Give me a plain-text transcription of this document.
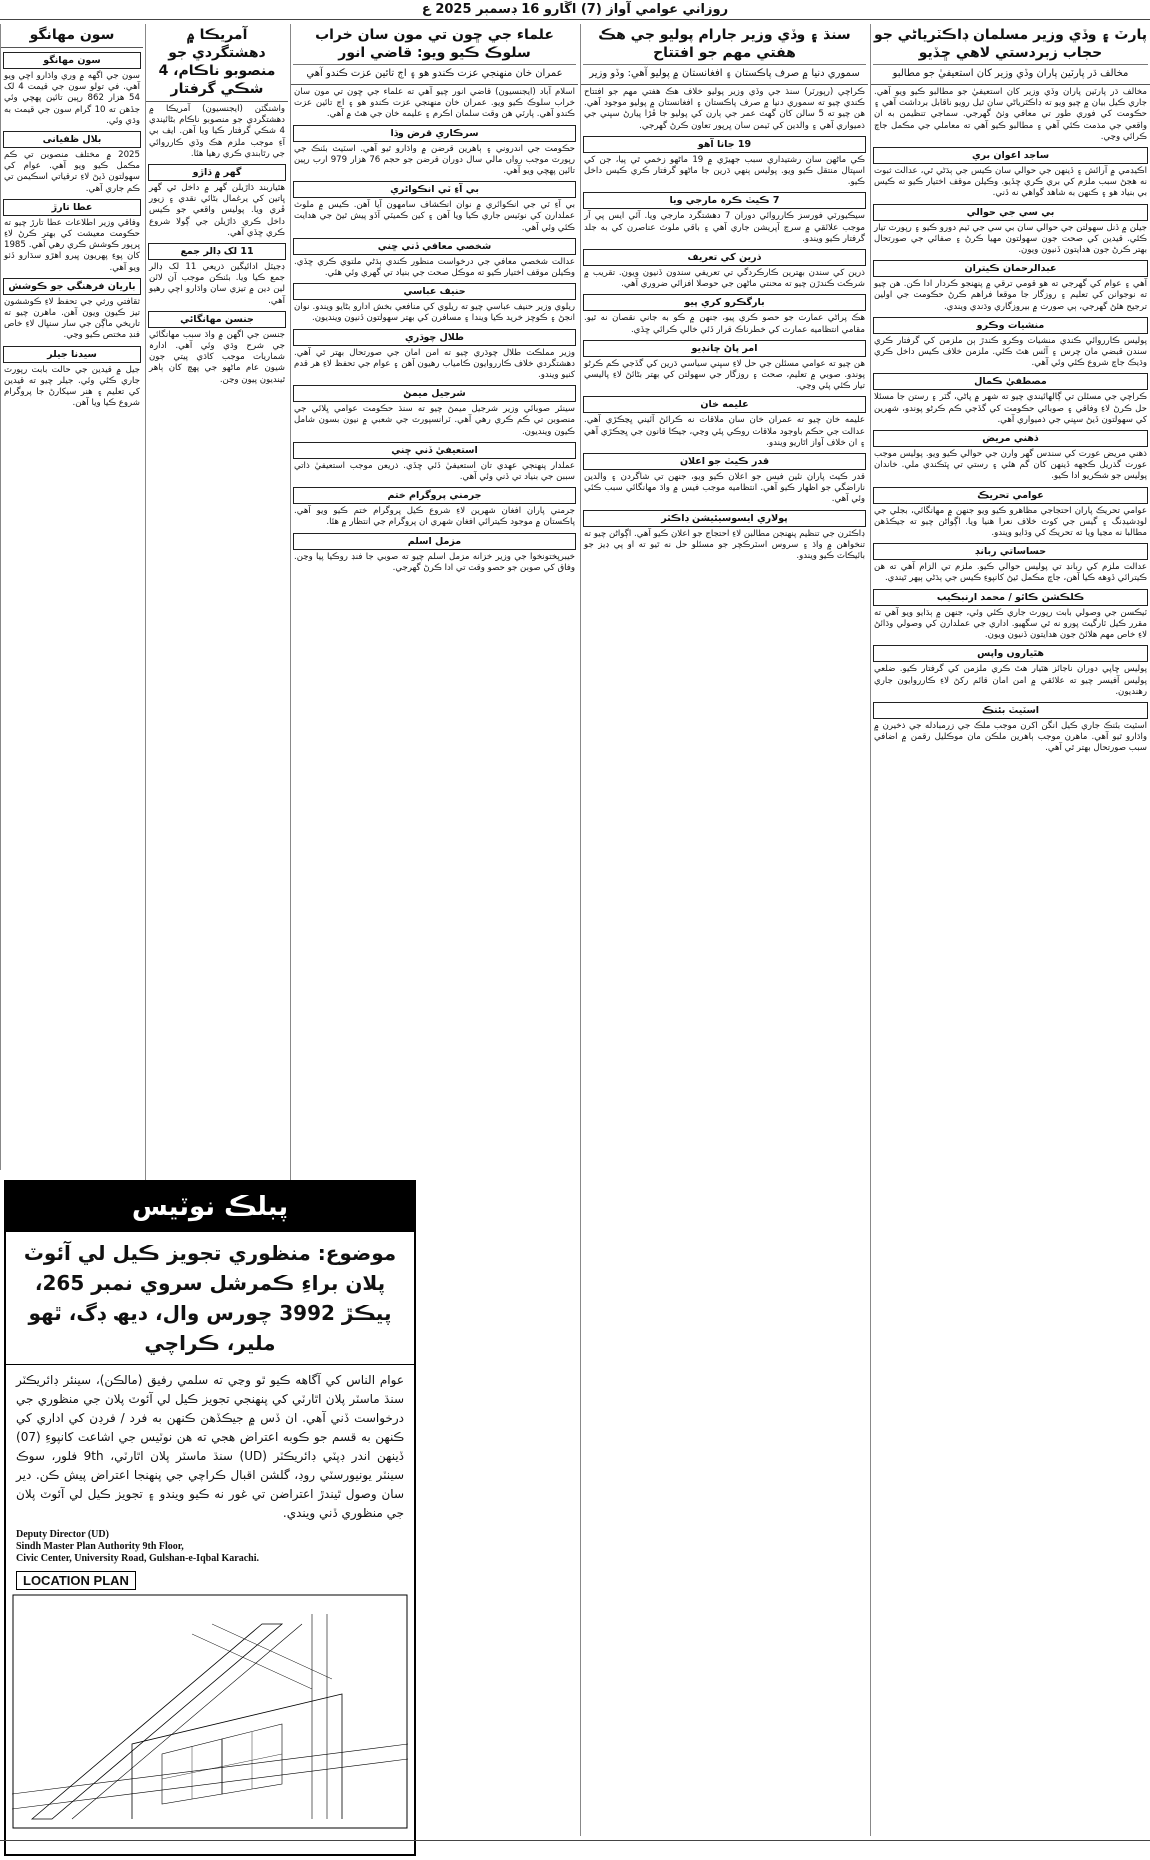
روزاني عوامي آواز (7) اڱارو 16 ڊسمبر 2025 ع
پارٽ ۽ وڏي وزير مسلمان ڊاڪٽرياڻي جو حجاب زبردستي لاهي ڇڏيو
مخالف ڌر پارٽين پاران وڏي وزير کان استعيفيٰ جو مطالبو
مخالف ڌر پارٽين پاران وڏي وزير کان استعيفيٰ جو مطالبو ڪيو ويو آهي. جاري ڪيل بيان ۾ چيو ويو ته ڊاڪٽرياڻي سان ٿيل رويو ناقابل برداشت آهي ۽ حڪومت کي فوري طور تي معافي وٺڻ گهرجي. سماجي تنظيمن به ان واقعي جي مذمت ڪئي آهي ۽ مطالبو ڪيو آهي ته معاملي جي مڪمل جاچ ڪرائي وڃي.
ساجد اعوان بري
اڪيڊمي ۾ آرائش ۽ ڏينهن جي حوالي سان ڪيس جي ٻڌڻي ٿي، عدالت ثبوت نه هجڻ سبب ملزم کي بري ڪري ڇڏيو. وڪيلن موقف اختيار ڪيو ته ڪيس بي بنياد هو ۽ ڪنهن به شاهد گواهي نه ڏني.
بي سي جي حوالي
جيلن ۾ ڏنل سهولتن جي حوالي سان بي سي جي ٽيم دورو ڪيو ۽ رپورٽ تيار ڪئي. قيدين کي صحت جون سهولتون مهيا ڪرڻ ۽ صفائي جي صورتحال بهتر ڪرڻ جون هدايتون ڏنيون ويون.
عبدالرحمان ڪيتران
آهي ۽ عوام کي گهرجي ته هو قومي ترقي ۾ پنهنجو ڪردار ادا ڪن. هن چيو ته نوجوانن کي تعليم ۽ روزگار جا موقعا فراهم ڪرڻ حڪومت جي اولين ترجيح هئڻ گهرجي، ٻي صورت ۾ بيروزگاري وڌندي ويندي.
منشيات وڪرو
پوليس ڪارروائي ڪندي منشيات وڪرو ڪندڙ ٻن ملزمن کي گرفتار ڪري سندن قبضي مان چرس ۽ آئس هٿ ڪئي. ملزمن خلاف ڪيس داخل ڪري وڌيڪ جاچ شروع ڪئي وئي آهي.
مصطفيٰ ڪمال
ڪراچي جي مسئلن تي ڳالهائيندي چيو ته شهر ۾ پاڻي، گٽر ۽ رستن جا مسئلا حل ڪرڻ لاءِ وفاقي ۽ صوبائي حڪومت کي گڏجي ڪم ڪرڻو پوندو، شهرين کي سهولتون ڏيڻ سڀني جي ذميواري آهي.
ذهني مريض
ذهني مريض عورت کي سندس گهر وارن جي حوالي ڪيو ويو. پوليس موجب عورت گذريل ڪجهه ڏينهن کان گم هئي ۽ رستي تي ڀٽڪندي ملي. خاندان پوليس جو شڪريو ادا ڪيو.
عوامي تحريڪ
عوامي تحريڪ پاران احتجاجي مظاهرو ڪيو ويو جنهن ۾ مهانگائي، بجلي جي لوڊشيڊنگ ۽ گيس جي کوٽ خلاف نعرا هنيا ويا. اڳواڻن چيو ته جيڪڏهن مطالبا نه مڃيا ويا ته تحريڪ کي وڌايو ويندو.
حساساتي ربانڊ
عدالت ملزم کي ربانڊ تي پوليس حوالي ڪيو. ملزم تي الزام آهي ته هن ڪيترائي ڏوهه ڪيا آهن، جاچ مڪمل ٿيڻ کانپوءِ ڪيس جي ٻڌڻي ٻيهر ٿيندي.
ڪلڪشن ڪاٿو / محمد ارنبڪيب
ٽيڪسن جي وصولي بابت رپورٽ جاري ڪئي وئي، جنهن ۾ ٻڌايو ويو آهي ته مقرر ڪيل ٽارگيٽ پورو نه ٿي سگهيو. اداري جي عملدارن کي وصولي وڌائڻ لاءِ خاص مهم هلائڻ جون هدايتون ڏنيون ويون.
هٿياروں واپس
پوليس ڇاپي دوران ناجائز هٿيار هٿ ڪري ملزمن کي گرفتار ڪيو. ضلعي پوليس آفيسر چيو ته علائقي ۾ امن امان قائم رکڻ لاءِ ڪارروايون جاري رهنديون.
اسٽيٽ بئنڪ
اسٽيٽ بئنڪ جاري ڪيل انگن اکرن موجب ملڪ جي زرمبادله جي ذخيرن ۾ واڌارو ٿيو آهي. ماهرن موجب ٻاهرين ملڪن مان موڪليل رقمن ۾ اضافي سبب صورتحال بهتر ٿي آهي.
سنڌ ۽ وڏي وزير جارام پوليو جي هڪ هفتي مهم جو افتتاح
سموري دنيا ۾ صرف پاڪستان ۽ افغانستان ۾ پوليو آهي: وڏو وزير
ڪراچي (رپورٽر) سنڌ جي وڏي وزير پوليو خلاف هڪ هفتي مهم جو افتتاح ڪندي چيو ته سموري دنيا ۾ صرف پاڪستان ۽ افغانستان ۾ پوليو موجود آهي. هن چيو ته 5 سالن کان گهٽ عمر جي ٻارن کي پوليو جا ڦڙا پيارڻ سڀني جي ذميواري آهي ۽ والدين کي ٽيمن سان ڀرپور تعاون ڪرڻ گهرجي.
19 جانا آهو
ڪي ماڻهن سان رشتيداري سبب جهيڙي ۾ 19 ماڻهو زخمي ٿي پيا، جن کي اسپتال منتقل ڪيو ويو. پوليس ٻنهي ڌرين جا ماڻهو گرفتار ڪري ڪيس داخل ڪيو.
7 ڪيٽ ڪرہ مارجي ويا
سيڪيورٽي فورسز ڪارروائي دوران 7 دهشتگرد مارجي ويا. آئي ايس پي آر موجب علائقي ۾ سرچ آپريشن جاري آهي ۽ باقي ملوث عناصرن کي به جلد گرفتار ڪيو ويندو.
ذرين کي تعريف
ذرين کي سندن بهترين ڪارڪردگي تي تعريفي سندون ڏنيون ويون. تقريب ۾ شرڪت ڪندڙن چيو ته محنتي ماڻهن جي حوصلا افزائي ضروري آهي.
بارگڪرو کري پيو
هڪ پراڻي عمارت جو حصو ڪري پيو، جنهن ۾ ڪو به جاني نقصان نه ٿيو. مقامي انتظاميه عمارت کي خطرناڪ قرار ڏئي خالي ڪرائي ڇڏي.
امر پاڻ چانڊيو
هن چيو ته عوامي مسئلن جي حل لاءِ سڀني سياسي ڌرين کي گڏجي ڪم ڪرڻو پوندو. صوبي ۾ تعليم، صحت ۽ روزگار جي سهولتن کي بهتر بڻائڻ لاءِ پاليسي تيار ڪئي پئي وڃي.
عليمه خان
عليمه خان چيو ته عمران خان سان ملاقات نه ڪرائڻ آئيني ڀڃڪڙي آهي. عدالت جي حڪم باوجود ملاقات روڪي پئي وڃي، جيڪا قانون جي ڀڃڪڙي آهي ۽ ان خلاف آواز اٿاريو ويندو.
قدر ڪيٽ جو اعلان
قدر ڪيٽ پاران نئين فيس جو اعلان ڪيو ويو، جنهن تي شاگردن ۽ والدين ناراضگي جو اظهار ڪيو آهي. انتظاميه موجب فيس ۾ واڌ مهانگائي سبب ڪئي وئي آهي.
پولاري ايسوسيئيشن ڊاڪٽر
ڊاڪٽرن جي تنظيم پنهنجن مطالبن لاءِ احتجاج جو اعلان ڪيو آهي. اڳواڻن چيو ته تنخواهن ۾ واڌ ۽ سروس اسٽرڪچر جو مسئلو حل نه ٿيو ته او پي ڊيز جو بائيڪاٽ ڪيو ويندو.
علماء جي ڇون تي مون سان خراب سلوڪ ڪيو ويو: قاضي انور
عمران خان منهنجي عزت ڪندو هو ۽ اڄ تائين عزت ڪندو آهي
اسلام آباد (ايجنسيون) قاضي انور چيو آهي ته علماء جي ڇون تي مون سان خراب سلوڪ ڪيو ويو. عمران خان منهنجي عزت ڪندو هو ۽ اڄ تائين عزت ڪندو آهي. پارٽي هن وقت سلمان اڪرم ۽ عليمه خان جي هٿ ۾ آهي.
سرڪاري قرض وڌا
حڪومت جي اندروني ۽ ٻاهرين قرضن ۾ واڌارو ٿيو آهي. اسٽيٽ بئنڪ جي رپورٽ موجب رواں مالي سال دوران قرضن جو حجم 76 هزار 979 ارب رپين تائين پهچي ويو آهي.
بي آءِ ٽي انڪوائري
بي آءِ ٽي جي انڪوائري ۾ نوان انڪشاف سامهون آيا آهن. ڪيس ۾ ملوث عملدارن کي نوٽيس جاري ڪيا ويا آهن ۽ کين ڪميٽي آڏو پيش ٿيڻ جي هدايت ڪئي وئي آهي.
شخصي معافي ڏني ڇني
عدالت شخصي معافي جي درخواست منظور ڪندي ٻڌڻي ملتوي ڪري ڇڏي. وڪيلن موقف اختيار ڪيو ته موڪل صحت جي بنياد تي گهري وئي هئي.
حنيف عباسي
ريلوي وزير حنيف عباسي چيو ته ريلوي کي منافعي بخش ادارو بڻايو ويندو. نوان انجڻ ۽ ڪوچز خريد ڪيا ويندا ۽ مسافرن کي بهتر سهولتون ڏنيون وينديون.
طلال چوڌري
وزير مملڪت طلال چوڌري چيو ته امن امان جي صورتحال بهتر ٿي آهي. دهشتگردي خلاف ڪارروايون ڪامياب رهيون آهن ۽ عوام جي تحفظ لاءِ هر قدم کنيو ويندو.
شرجيل ميمڻ
سينئر صوبائي وزير شرجيل ميمڻ چيو ته سنڌ حڪومت عوامي ڀلائي جي منصوبن تي ڪم ڪري رهي آهي. ٽرانسپورٽ جي شعبي ۾ نيون بسون شامل ڪيون وينديون.
استعيفيٰ ڏني ڇني
عملدار پنهنجي عهدي تان استعيفيٰ ڏئي ڇڏي. ذريعن موجب استعيفيٰ ذاتي سببن جي بنياد تي ڏني وئي آهي.
جرمني پروگرام ختم
جرمني پاران افغان شهرين لاءِ شروع ڪيل پروگرام ختم ڪيو ويو آهي. پاڪستان ۾ موجود ڪيترائي افغان شهري ان پروگرام جي انتظار ۾ هئا.
مزمل اسلم
خيبرپختونخوا جي وزير خزانه مزمل اسلم چيو ته صوبي جا فنڊ روڪيا پيا وڃن. وفاق کي صوبن جو حصو وقت تي ادا ڪرڻ گهرجي.
آمريڪا ۾ دهشتگردي جو منصوبو ناڪام، 4 شڪي گرفتار
واشنگٽن (ايجنسيون) آمريڪا ۾ دهشتگردي جو منصوبو ناڪام بڻائيندي 4 شڪي گرفتار ڪيا ويا آهن. ايف بي آءِ موجب ملزم هڪ وڏي ڪارروائي جي رٿابندي ڪري رهيا هئا.
گهر ۾ ڌاڙو
هٿياربند ڌاڙيلن گهر ۾ داخل ٿي گهر ڀاتين کي يرغمال بڻائي نقدي ۽ زيور ڦري ويا. پوليس واقعي جو ڪيس داخل ڪري ڌاڙيلن جي ڳولا شروع ڪري ڇڏي آهي.
11 لک ڊالر جمع
ڊجيٽل ادائيگين ذريعي 11 لک ڊالر جمع ڪيا ويا. بئنڪن موجب آن لائن لين دين ۾ تيزي سان واڌارو اچي رهيو آهي.
جنسن مهانگائي
جنسن جي اگهن ۾ واڌ سبب مهانگائي جي شرح وڌي وئي آهي. ادارہ شماريات موجب کاڌي پيتي جون شيون عام ماڻهو جي پهچ کان ٻاهر ٿينديون پيون وڃن.
سون مهانگو
سون مهانگو
سون جي اگهه ۾ وري واڌارو اچي ويو آهي. في تولو سون جي قيمت 4 لک 54 هزار 862 رپين تائين پهچي وئي جڏهن ته 10 گرام سون جي قيمت به وڌي وئي.
بلال ظفيانی
2025 ۾ مختلف منصوبن تي ڪم مڪمل ڪيو ويو آهي. عوام کي سهولتون ڏيڻ لاءِ ترقياتي اسڪيمن تي ڪم جاري آهي.
عطا تارڙ
وفاقي وزير اطلاعات عطا تارڙ چيو ته حڪومت معيشت کي بهتر ڪرڻ لاءِ ڀرپور ڪوشش ڪري رهي آهي. 1985 کان پوءِ پهريون ڀيرو اهڙو سڌارو ڏٺو ويو آهي.
باريان فرهنگي جو ڪوشش
ثقافتي ورثي جي تحفظ لاءِ ڪوششون تيز ڪيون ويون آهن. ماهرن چيو ته تاريخي ماڳن جي سار سنڀال لاءِ خاص فنڊ مختص ڪيو وڃي.
سيدنا جيلر
جيل ۾ قيدين جي حالت بابت رپورٽ جاري ڪئي وئي. جيلر چيو ته قيدين کي تعليم ۽ هنر سيکارڻ جا پروگرام شروع ڪيا ويا آهن.
پبلڪ نوٽيس
موضوع: منظوري تجويز ڪيل لي آئوٽ پلان براءِ ڪمرشل سروي نمبر 265، پيڪڙ 3992 چورس وال، ديھ ڊگ، ٿهو ملير، ڪراچي
عوام الناس کي آگاهه ڪيو ٿو وڃي ته سلمي رفيق (مالڪن)، سينئر ڊائريڪٽر سنڌ ماسٽر پلان اٿارٽي کي پنهنجي تجويز ڪيل لي آئوٽ پلان جي منظوري جي درخواست ڏني آهي. ان ڏس ۾ جيڪڏهن ڪنهن به فرد / فرڊن کي اداري کي ڪنهن به قسم جو ڪوبه اعتراض هجي ته هن نوٽيس جي اشاعت کانپوءِ (07) ڏينهن اندر ڊپٽي ڊائريڪٽر (UD) سنڌ ماسٽر پلان اٿارٽي، 9th فلور، سوڪ سينٽر يونيورسٽي روڊ، گلشن اقبال ڪراچي جي پنهنجا اعتراض پيش ڪن. دير سان وصول ٿيندڙ اعتراضن تي غور نه ڪيو ويندو ۽ تجويز ڪيل لي آئوٽ پلان جي منظوري ڏني ويندي.
Deputy Director (UD)
Sindh Master Plan Authority 9th Floor,
Civic Center, University Road, Gulshan-e-Iqbal Karachi.
LOCATION PLAN
